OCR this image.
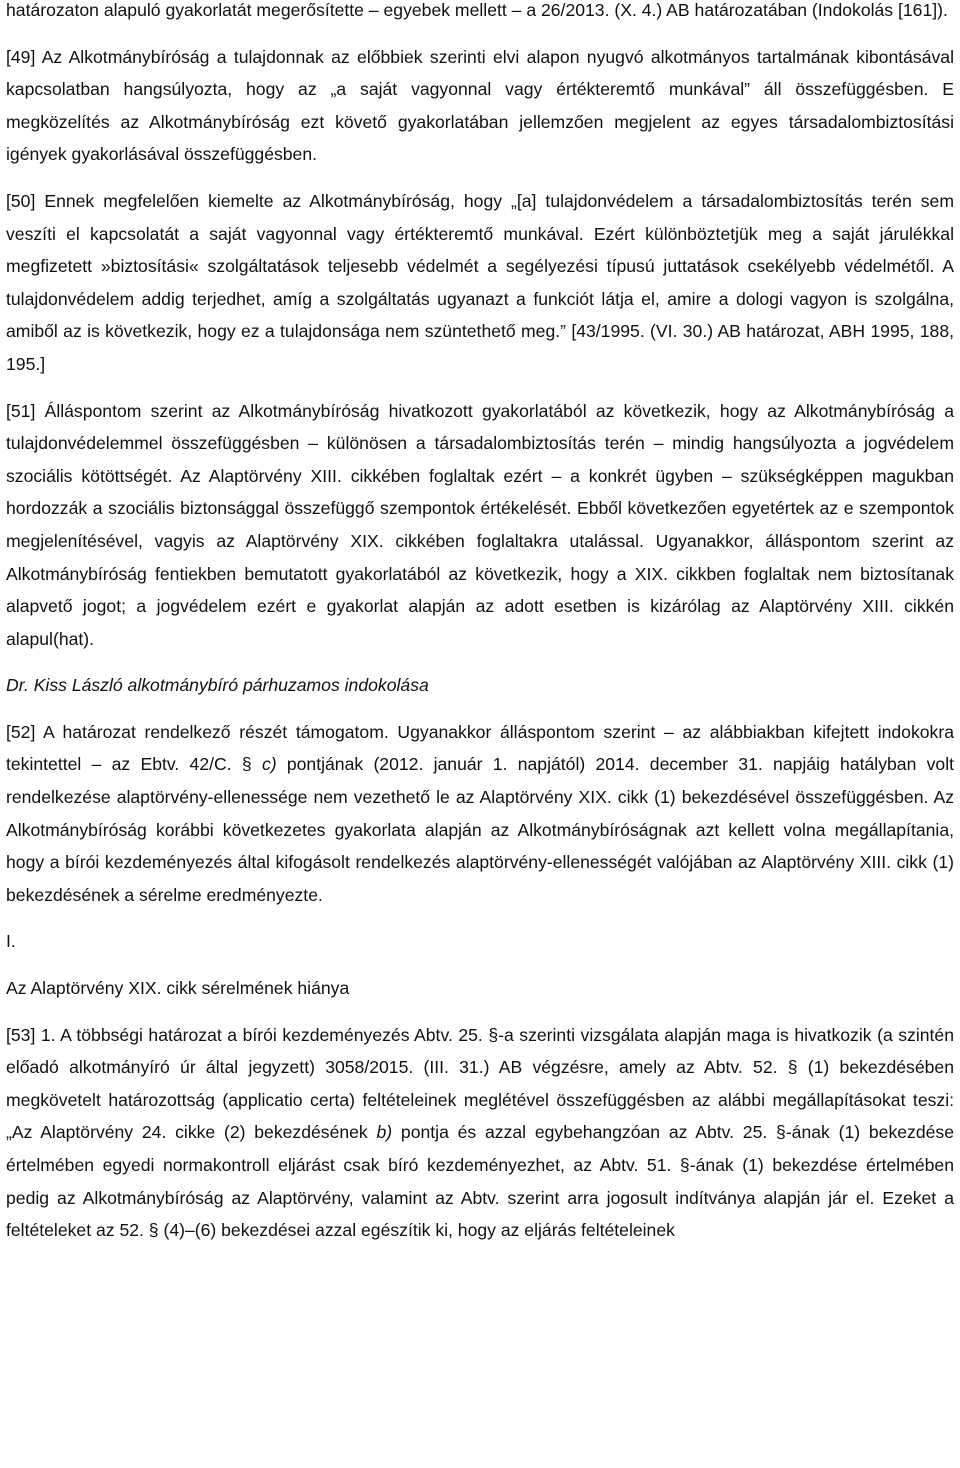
határozaton alapuló gyakorlatát megerősítette – egyebek mellett – a 26/2013. (X. 4.) AB határozatában (Indokolás [161]).

[49] Az Alkotmánybíróság a tulajdonnak az előbbiek szerinti elvi alapon nyugvó alkotmányos tartalmának kibontásával kapcsolatban hangsúlyozta, hogy az „a saját vagyonnal vagy értékteremtő munkával” áll összefüggésben. E megközelítés az Alkotmánybíróság ezt követő gyakorlatában jellemzően megjelent az egyes társadalombiztosítási igények gyakorlásával összefüggésben.

[50] Ennek megfelelően kiemelte az Alkotmánybíróság, hogy „[a] tulajdonvédelem a társadalombiztosítás terén sem veszíti el kapcsolatát a saját vagyonnal vagy értékteremtő munkával. Ezért különböztetjük meg a saját járulékkal megfizetett »biztosítási« szolgáltatások teljesebb védelmét a segélyezési típusú juttatások csekélyebb védelmétől. A tulajdonvédelem addig terjedhet, amíg a szolgáltatás ugyanazt a funkciót látja el, amire a dologi vagyon is szolgálna, amiből az is következik, hogy ez a tulajdonsága nem szüntethető meg.” [43/1995. (VI. 30.) AB határozat, ABH 1995, 188, 195.]

[51] Álláspontom szerint az Alkotmánybíróság hivatkozott gyakorlatából az következik, hogy az Alkotmánybíróság a tulajdonvédelemmel összefüggésben – különösen a társadalombiztosítás terén – mindig hangsúlyozta a jogvédelem szociális kötöttségét. Az Alaptörvény XIII. cikkében foglaltak ezért – a konkrét ügyben – szükségképpen magukban hordozzák a szociális biztonsággal összefüggő szempontok értékelését. Ebből következően egyetértek az e szempontok megjelenítésével, vagyis az Alaptörvény XIX. cikkében foglaltakra utalással. Ugyanakkor, álláspontom szerint az Alkotmánybíróság fentiekben bemutatott gyakorlatából az következik, hogy a XIX. cikkben foglaltak nem biztosítanak alapvető jogot; a jogvédelem ezért e gyakorlat alapján az adott esetben is kizárólag az Alaptörvény XIII. cikkén alapul(hat).

Dr. Kiss László alkotmánybíró párhuzamos indokolása

[52] A határozat rendelkező részét támogatom. Ugyanakkor álláspontom szerint – az alábbiakban kifejtett indokokra tekintettel – az Ebtv. 42/C. § c) pontjának (2012. január 1. napjától) 2014. december 31. napjáig hatályban volt rendelkezése alaptörvény-ellenessége nem vezethető le az Alaptörvény XIX. cikk (1) bekezdésével összefüggésben. Az Alkotmánybíróság korábbi következetes gyakorlata alapján az Alkotmánybíróságnak azt kellett volna megállapítania, hogy a bírói kezdeményezés által kifogásolt rendelkezés alaptörvény-ellenességét valójában az Alaptörvény XIII. cikk (1) bekezdésének a sérelme eredményezte.

I.

Az Alaptörvény XIX. cikk sérelmének hiánya

[53] 1. A többségi határozat a bírói kezdeményezés Abtv. 25. §-a szerinti vizsgálata alapján maga is hivatkozik (a szintén előadó alkotmányíró úr által jegyzett) 3058/2015. (III. 31.) AB végzésre, amely az Abtv. 52. § (1) bekezdésében megkövetelt határozottság (applicatio certa) feltételeinek meglétével összefüggésben az alábbi megállapításokat teszi: „Az Alaptörvény 24. cikke (2) bekezdésének b) pontja és azzal egybehangzóan az Abtv. 25. §-ának (1) bekezdése értelmében egyedi normakontroll eljárást csak bíró kezdeményezhet, az Abtv. 51. §-ának (1) bekezdése értelmében pedig az Alkotmánybíróság az Alaptörvény, valamint az Abtv. szerint arra jogosult indítványa alapján jár el. Ezeket a feltételeket az 52. § (4)–(6) bekezdései azzal egészítik ki, hogy az eljárás feltételeinek
